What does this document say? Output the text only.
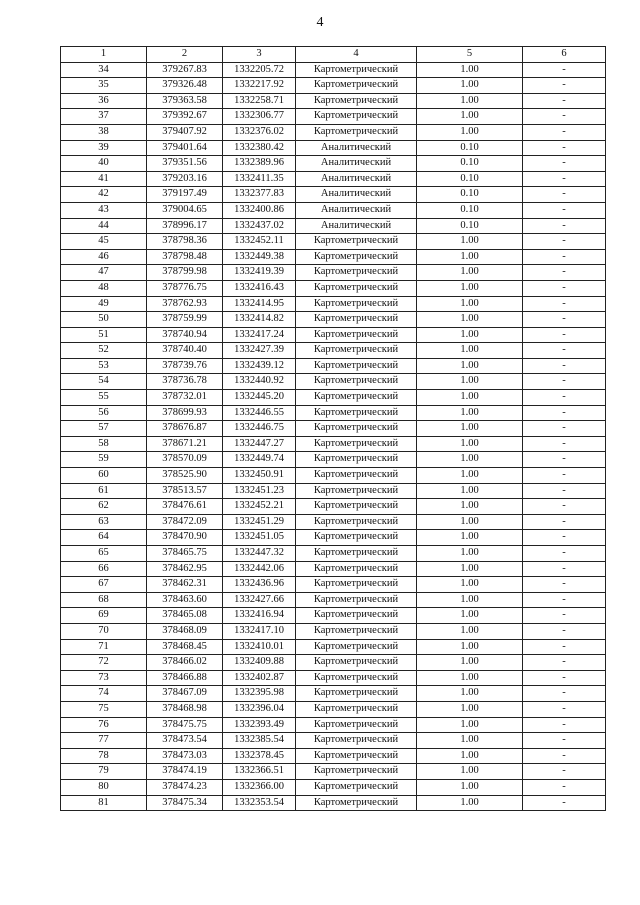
4
1	2	3	4	5	6
34	379267.83	1332205.72	Картометрический	1.00	-
35	379326.48	1332217.92	Картометрический	1.00	-
36	379363.58	1332258.71	Картометрический	1.00	-
37	379392.67	1332306.77	Картометрический	1.00	-
38	379407.92	1332376.02	Картометрический	1.00	-
39	379401.64	1332380.42	Аналитический	0.10	-
40	379351.56	1332389.96	Аналитический	0.10	-
41	379203.16	1332411.35	Аналитический	0.10	-
42	379197.49	1332377.83	Аналитический	0.10	-
43	379004.65	1332400.86	Аналитический	0.10	-
44	378996.17	1332437.02	Аналитический	0.10	-
45	378798.36	1332452.11	Картометрический	1.00	-
46	378798.48	1332449.38	Картометрический	1.00	-
47	378799.98	1332419.39	Картометрический	1.00	-
48	378776.75	1332416.43	Картометрический	1.00	-
49	378762.93	1332414.95	Картометрический	1.00	-
50	378759.99	1332414.82	Картометрический	1.00	-
51	378740.94	1332417.24	Картометрический	1.00	-
52	378740.40	1332427.39	Картометрический	1.00	-
53	378739.76	1332439.12	Картометрический	1.00	-
54	378736.78	1332440.92	Картометрический	1.00	-
55	378732.01	1332445.20	Картометрический	1.00	-
56	378699.93	1332446.55	Картометрический	1.00	-
57	378676.87	1332446.75	Картометрический	1.00	-
58	378671.21	1332447.27	Картометрический	1.00	-
59	378570.09	1332449.74	Картометрический	1.00	-
60	378525.90	1332450.91	Картометрический	1.00	-
61	378513.57	1332451.23	Картометрический	1.00	-
62	378476.61	1332452.21	Картометрический	1.00	-
63	378472.09	1332451.29	Картометрический	1.00	-
64	378470.90	1332451.05	Картометрический	1.00	-
65	378465.75	1332447.32	Картометрический	1.00	-
66	378462.95	1332442.06	Картометрический	1.00	-
67	378462.31	1332436.96	Картометрический	1.00	-
68	378463.60	1332427.66	Картометрический	1.00	-
69	378465.08	1332416.94	Картометрический	1.00	-
70	378468.09	1332417.10	Картометрический	1.00	-
71	378468.45	1332410.01	Картометрический	1.00	-
72	378466.02	1332409.88	Картометрический	1.00	-
73	378466.88	1332402.87	Картометрический	1.00	-
74	378467.09	1332395.98	Картометрический	1.00	-
75	378468.98	1332396.04	Картометрический	1.00	-
76	378475.75	1332393.49	Картометрический	1.00	-
77	378473.54	1332385.54	Картометрический	1.00	-
78	378473.03	1332378.45	Картометрический	1.00	-
79	378474.19	1332366.51	Картометрический	1.00	-
80	378474.23	1332366.00	Картометрический	1.00	-
81	378475.34	1332353.54	Картометрический	1.00	-
